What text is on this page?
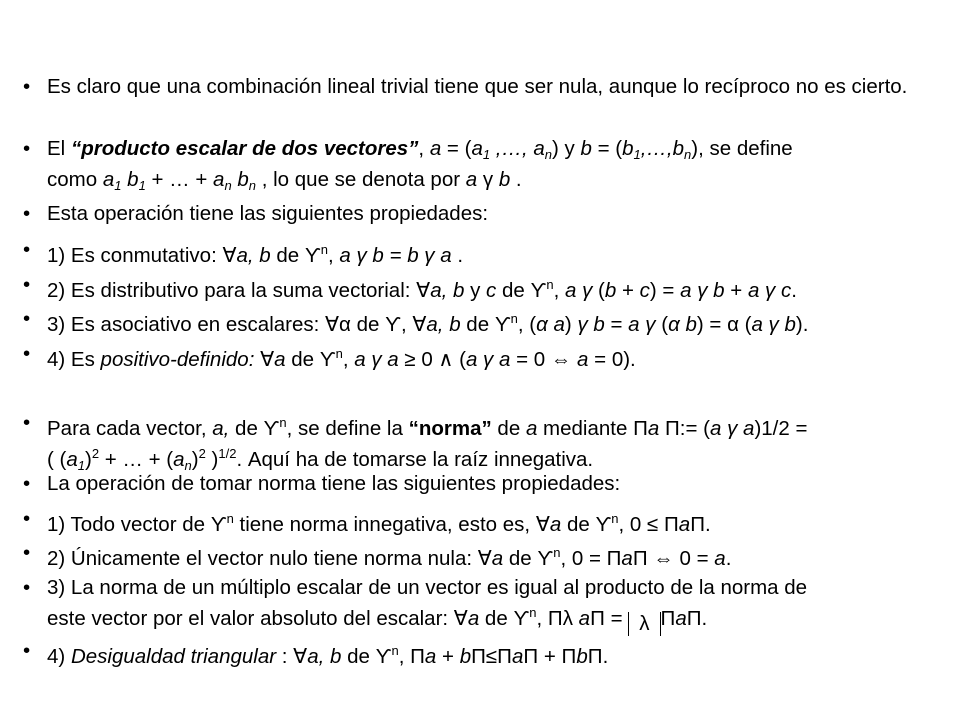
• Es claro que una combinación lineal trivial tiene que ser nula, aunque lo recíproco no es cierto.
• El “producto escalar de dos vectores”, $a = (a_1$ ,…, $a_n$) y $b = (b_1,\dots,b_n)$, se define
como $a_1$ $b_1$ + … + $a_n$ $b_n$ , lo que se denota por a γ b .
• Esta operación tiene las siguientes propiedades:
• 1) Es conmutativo: ∀a, b de $ϒ^n$, a γ b = b γ a .
• 2) Es distributivo para la suma vectorial: ∀a, b y c de $ϒ^n$, a γ (b + c) = a γ b + a γ c.
• 3) Es asociativo en escalares: ∀α de ϒ, ∀a, b de $ϒ^n$, (α a) γ b = a γ (α b) = α (a γ b).
• 4) Es positivo-definido: ∀a de $ϒ^n$, a γ a ≥ 0 ∧ (a γ a = 0 ⇔ a = 0).
• Para cada vector, a, de $ϒ^n$, se define la “norma” de a mediante Πa Π:= (a γ a)1/2 =
( $(a_1)^2$ + … + $(a_n)^2$ )$^{1/2}$. Aquí ha de tomarse la raíz innegativa.
• La operación de tomar norma tiene las siguientes propiedades:
• 1) Todo vector de $ϒ^n$ tiene norma innegativa, esto es, ∀a de $ϒ^n$, 0 ≤ ΠaΠ.
• 2) Únicamente el vector nulo tiene norma nula: ∀a de $ϒ^n$, 0 = ΠaΠ ⇔ 0 = a.
• 3) La norma de un múltiplo escalar de un vector es igual al producto de la norma de
este vector por el valor absoluto del escalar: ∀a de $ϒ^n$, Πλ aΠ = λ ΠaΠ.
• 4) Desigualdad triangular : ∀a, b de $ϒ^n$, Πa + bΠ≤ΠaΠ + ΠbΠ.
